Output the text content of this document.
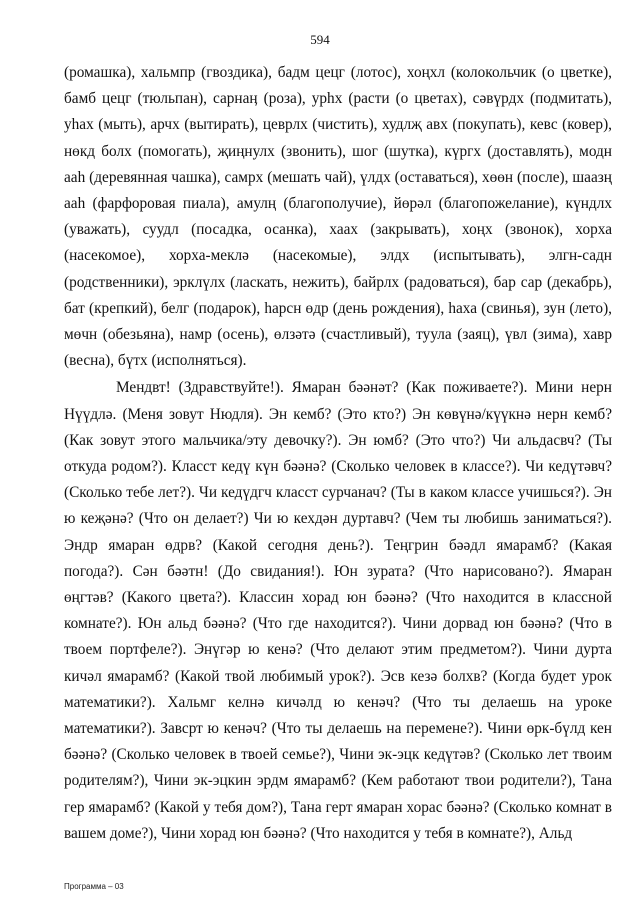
594

(ромашка), хальмпр (гвоздика), бадм цецг (лотос), хоңхл (колокольчик (о цветке), бамб цецг (тюльпан), сарнаӊ (роза), урһх (расти (о цветах), сәвүрдх (подмитать), уһах (мыть), арчх (вытирать), цеврлх (чистить), худлҗ авх (покупать), кевс (ковер), нөкд болх (помогать), җиңнулх (звонить), шог (шутка), күргх (доставлять), модн ааһ (деревянная чашка), самрх (мешать чай), үлдх (оставаться), хөөн (после), шаазң ааһ (фарфоровая пиала), амулң (благополучие), йөрәл (благопожелание), күндлх (уважать), суудл (посадка, осанка), хаах (закрывать), хоңх (звонок), хорха (насекомое), хорха-меклә (насекомые), элдх (испытывать), элгн-садн (родственники), эрклүлх (ласкать, нежить), байрлх (радоваться), бар сар (декабрь), бат (крепкий), белг (подарок), һарсн өдр (день рождения), һаха (свинья), зун (лето), мөчн (обезьяна), намр (осень), өлзәтә (счастливый), туула (заяц), үвл (зима), хавр (весна), бүтх (исполняться).

Мендвт! (Здравствуйте!). Ямаран бәәнәт? (Как поживаете?). Мини нерн Нүүдлә. (Меня зовут Нюдля). Эн кемб? (Это кто?) Эн көвүнә/күүкнә нерн кемб? (Как зовут этого мальчика/эту девочку?). Эн юмб? (Это что?) Чи альдасвч? (Ты откуда родом?). Класст кедү күн бәәнә? (Сколько человек в классе?). Чи кедүтәвч? (Сколько тебе лет?). Чи кедүдгч класст сурчанач? (Ты в каком классе учишься?). Эн ю кеҗәнә? (Что он делает?) Чи ю кехдән дуртавч? (Чем ты любишь заниматься?). Эндр ямаран өдрв? (Какой сегодня день?). Теңгрин бәәдл ямарамб? (Какая погода?). Сән бәәтн! (До свидания!). Юн зурата? (Что нарисовано?). Ямаран өңгтәв? (Какого цвета?). Классин хорад юн бәәнә? (Что находится в классной комнате?). Юн альд бәәнә? (Что где находится?). Чини дорвад юн бәәнә? (Что в твоем портфеле?). Энүгәр ю кенә? (Что делают этим предметом?). Чини дурта кичәл ямарамб? (Какой твой любимый урок?). Эсв кезә болхв? (Когда будет урок математики?). Хальмг келнә кичәлд ю кенәч? (Что ты делаешь на уроке математики?). Завсрт ю кенәч? (Что ты делаешь на перемене?). Чини өрк-бүлд кен бәәнә? (Сколько человек в твоей семье?), Чини эк-эцк кедүтәв? (Сколько лет твоим родителям?), Чини эк-эцкин эрдм ямарамб? (Кем работают твои родители?), Тана гер ямарамб? (Какой у тебя дом?), Тана герт ямаран хорас бәәнә? (Сколько комнат в вашем доме?), Чини хорад юн бәәнә? (Что находится у тебя в комнате?), Альд

Программа – 03
